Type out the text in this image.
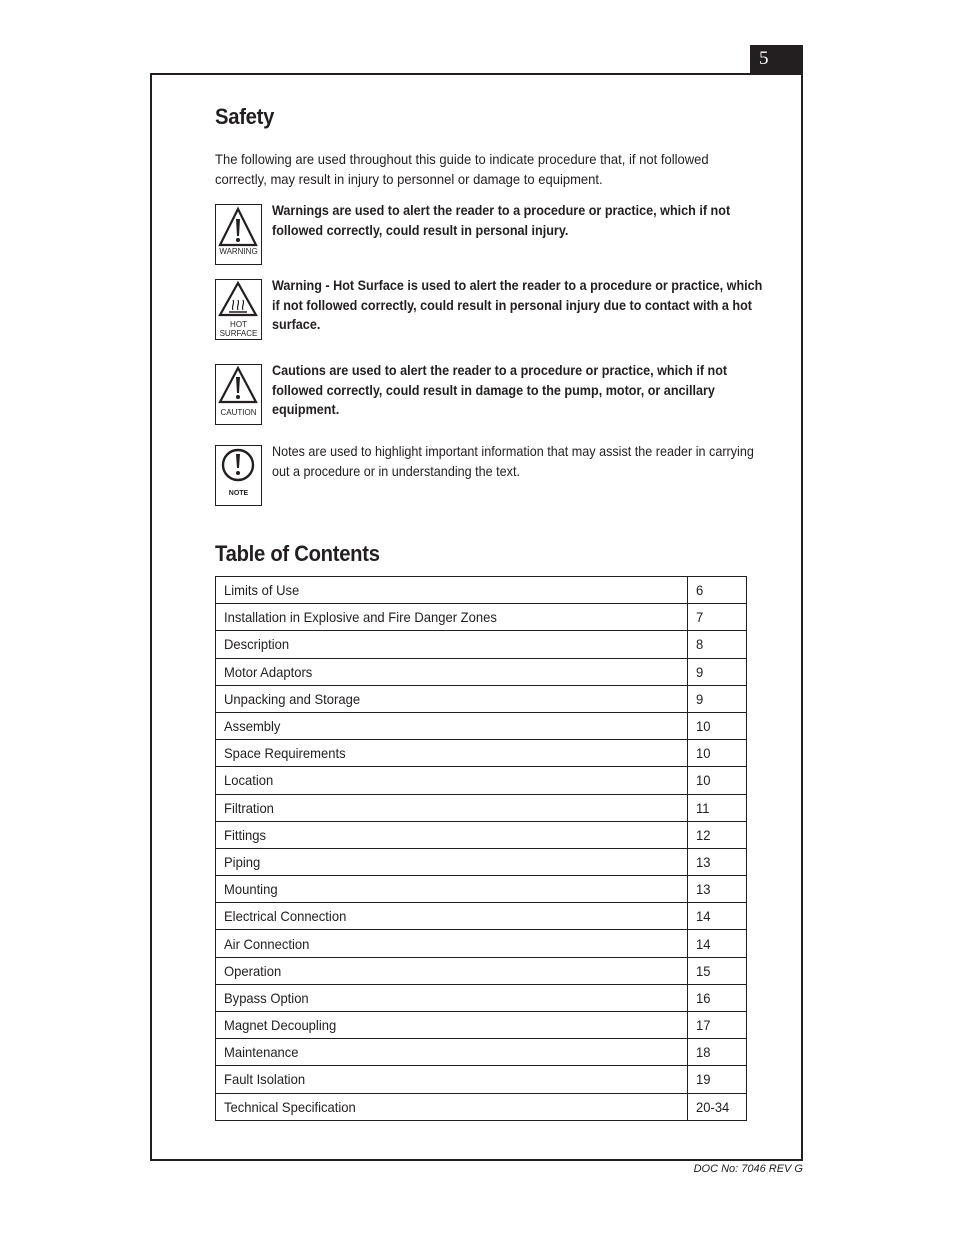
5
Safety
The following are used throughout this guide to indicate procedure that, if not followed correctly, may result in injury to personnel or damage to equipment.
WARNING
Warnings are used to alert the reader to a procedure or practice, which if not followed correctly, could result in personal injury.
HOT SURFACE
Warning - Hot Surface is used to alert the reader to a procedure or practice, which if not followed correctly, could result in personal injury due to contact with a hot surface.
CAUTION
Cautions are used to alert the reader to a procedure or practice, which if not followed correctly, could result in damage to the pump, motor, or ancillary equipment.
NOTE
Notes are used to highlight important information that may assist the reader in carrying out a procedure or in understanding the text.
Table of Contents
Limits of Use	6
Installation in Explosive and Fire Danger Zones	7
Description	8
Motor Adaptors	9
Unpacking and Storage	9
Assembly	10
Space Requirements	10
Location	10
Filtration	11
Fittings	12
Piping	13
Mounting	13
Electrical Connection	14
Air Connection	14
Operation	15
Bypass Option	16
Magnet Decoupling	17
Maintenance	18
Fault Isolation	19
Technical Specification	20-34
DOC No: 7046 REV G
